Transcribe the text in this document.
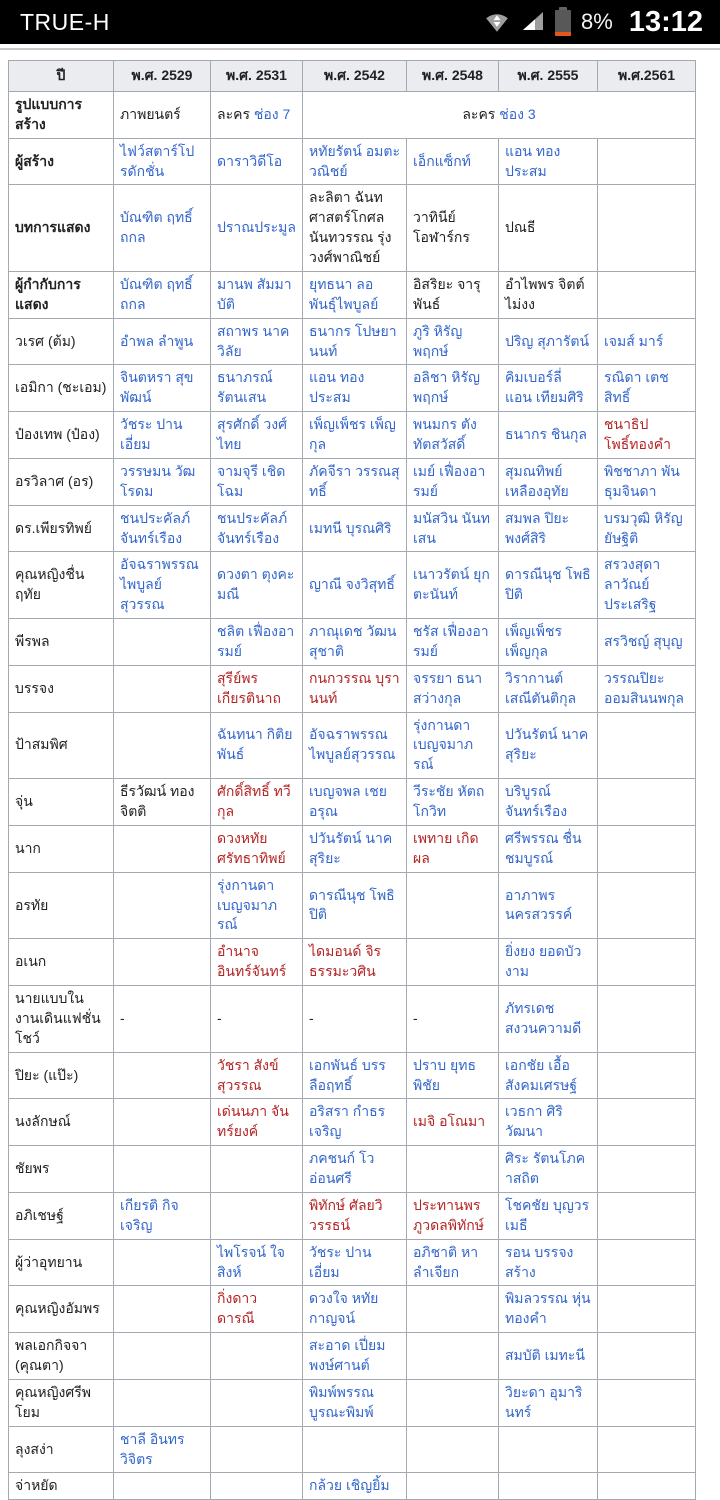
TRUE-H	8% 13:12
ปี	พ.ศ. 2529	พ.ศ. 2531	พ.ศ. 2542	พ.ศ. 2548	พ.ศ. 2555	พ.ศ.2561
รูปแบบการสร้าง	ภาพยนตร์	ละคร ช่อง 7	ละคร ช่อง 3			
ผู้สร้าง	ไฟว์สตาร์โปรดักชั่น	ดาราวิดีโอ	หทัยรัตน์ อมตะวณิชย์	เอ็กแซ็กท์	แอน ทองประสม	
บทการแสดง	บัณฑิต ฤทธิ์ถกล	ปราณประมูล	ละลิตา ฉันทศาสตร์โกศล นันทวรรณ รุ่งวงศ์พาณิชย์	วาทินีย์ โอฬาร์กร	ปณธี	
ผู้กำกับการแสดง	บัณฑิต ฤทธิ์ถกล	มานพ สัมมาบัติ	ยุทธนา ลอพันธุ์ไพบูลย์	อิสริยะ จารุพันธ์	อำไพพร จิตต์ไม่งง	
วเรศ (ต้ม)	อำพล ลำพูน	สถาพร นาควิลัย	ธนากร โปษยานนท์	ภูริ หิรัญพฤกษ์	ปริญ สุภารัตน์	เจมส์ มาร์
เอมิกา (ชะเอม)	จินตหรา สุขพัฒน์	ธนาภรณ์ รัตนเสน	แอน ทองประสม	อลิชา หิรัญพฤกษ์	คิมเบอร์ลี่ แอน เทียมศิริ	รณิดา เตชสิทธิ์
ป๋องเทพ (ป๋อง)	วัชระ ปานเอี่ยม	สุรศักดิ์ วงศ์ไทย	เพ็ญเพ็ชร เพ็ญกุล	พนมกร ตังทัตสวัสดิ์	ธนากร ชินกุล	ชนาธิป โพธิ์ทองคำ
อรวิลาศ (อร)	วรรษมน วัฒโรดม	จามจุรี เชิดโฉม	ภัคจีรา วรรณสุทธิ์	เมย์ เฟื่องอารมย์	สุมณทิพย์ เหลืองอุทัย	พิชชาภา พันธุมจินดา
ดร.เพียรทิพย์	ชนประคัลภ์ จันทร์เรือง	ชนประคัลภ์ จันทร์เรือง	เมทนี บุรณศิริ	มนัสวิน นันทเสน	สมพล ปิยะพงศ์สิริ	บรมวุฒิ หิรัญยัษฐิติ
คุณหญิงชื่นฤทัย	อัจฉราพรรณ ไพบูลย์สุวรรณ	ดวงตา ตุงคะมณี	ญาณี จงวิสุทธิ์	เนาวรัตน์ ยุกตะนันท์	ดารณีนุช โพธิปิติ	สรวงสุดา ลาวัณย์ประเสริฐ
พีรพล		ชลิต เฟื่องอารมย์	ภาณุเดช วัฒนสุชาติ	ชรัส เฟื่องอารมย์	เพ็ญเพ็ชร เพ็ญกุล	สรวิชญ์ สุบุญ
บรรจง		สุรีย์พร เกียรตินาถ	กนกวรรณ บุรานนท์	จรรยา ธนาสว่างกุล	วิรากานต์ เสณีตันติกุล	วรรณปิยะ ออมสินนพกุล
ป้าสมพิศ		ฉันทนา กิติยพันธ์	อัจฉราพรรณ ไพบูลย์สุวรรณ	รุ่งกานดา เบญจมาภรณ์	ปวันรัตน์ นาคสุริยะ	
จุ่น	ธีรวัฒน์ ทองจิตติ	ศักดิ์สิทธิ์ ทวีกุล	เบญจพล เชยอรุณ	วีระชัย หัตถโกวิท	บริบูรณ์ จันทร์เรือง	
นาก		ดวงหทัย ศรัทธาทิพย์	ปวันรัตน์ นาคสุริยะ	เพทาย เกิดผล	ศรีพรรณ ชื่นชมบูรณ์	
อรทัย		รุ่งกานดา เบญจมาภรณ์	ดารณีนุช โพธิปิติ		อาภาพร นครสวรรค์	
อเนก		อำนาจ อินทร์จันทร์	ไดมอนด์ จิรธรรมะวศิน		ยิ่งยง ยอดบัวงาม	
นายแบบในงานเดินแฟชั่นโชว์	-	-	-	-	ภัทรเดช สงวนความดี	
ปิยะ (แป๊ะ)		วัชรา สังข์สุวรรณ	เอกพันธ์ บรรลือฤทธิ์	ปราบ ยุทธพิชัย	เอกชัย เอื้อสังคมเศรษฐ์	
นงลักษณ์		เด่นนภา จันทร์ยงค์	อริสรา กำธรเจริญ	เมจิ อโณมา	เวธกา ศิริวัฒนา	
ชัยพร			ภคชนก์ โวอ่อนศรี		ศิระ รัตนโภคาสถิต	
อภิเชษฐ์	เกียรติ กิจเจริญ		พิทักษ์ ศัลยวิวรรธน์	ประทานพร ภูวดลพิทักษ์	โชคชัย บุญวรเมธี	
ผู้ว่าอุทยาน		ไพโรจน์ ใจสิงห์	วัชระ ปานเอี่ยม	อภิชาติ หาลำเจียก	รอน บรรจงสร้าง	
คุณหญิงอัมพร		กิ่งดาว ดารณี	ดวงใจ หทัยกาญจน์		พิมลวรรณ หุ่นทองคำ	
พลเอกกิจจา (คุณตา)			สะอาด เปี่ยมพงษ์ศานต์		สมบัติ เมทะนี	
คุณหญิงศรีพโยม			พิมพ์พรรณ บูรณะพิมพ์		วิยะดา อุมารินทร์	
ลุงสง่า	ชาลี อินทรวิจิตร					
จ่าหยัด			กล้วย เชิญยิ้ม			
